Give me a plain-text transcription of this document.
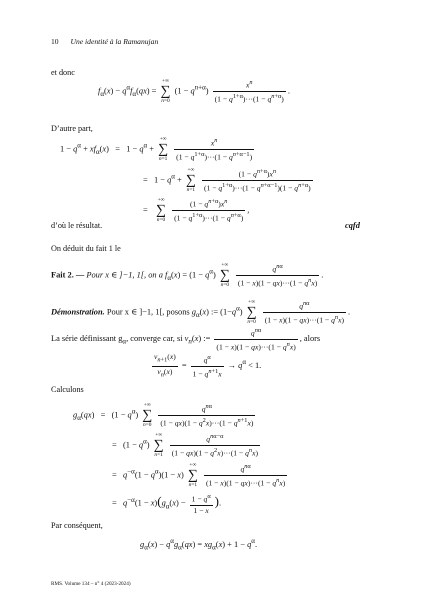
10 Une identité à la Ramanujan
et donc
$f_\alpha(x) - q^\alpha f_\alpha(qx)$ =
+∞
∑
n=0
$(1 - q^{n+\alpha}) \frac{x^n}{(1 - q^{1+\alpha})\cdot\cdot\cdot(1 - q^{n+\alpha})}$ .
D’autre part,
$1 - q^\alpha + xf_\alpha(x) = 1 - q^\alpha$ +
+∞
∑
n=1
$\frac{x^n}{(1 - q^{1+\alpha})\cdot\cdot\cdot(1 - q^{n+\alpha-1})}$
=   $1 - q^\alpha$ +
+∞
∑
n=1
$\frac{(1 - q^{n+\alpha})x^n}{(1 - q^{1+\alpha})\cdot\cdot\cdot(1 - q^{n+\alpha-1})(1 - q^{n+\alpha})}$
=
+∞
∑
n=0
$\frac{(1 - q^{n+\alpha})x^n}{(1 - q^{1+\alpha})\cdot\cdot\cdot(1 - q^{n+\alpha})}$ ,
d’où le résultat.	cqfd
On déduit du fait 1 le
Fait 2. — Pour x ∈ ]−1, 1[, on a $f_\alpha(x) = (1 - q^\alpha)$
+∞
∑
n=0
$\frac{q^{n\alpha}}{(1 - x)(1 - qx)\cdot\cdot\cdot(1 - q^nx)}$ .
Démonstration. Pour x ∈ ]−1, 1[, posons $g_\alpha(x)$ := $(1-q^\alpha)$
+∞
∑
n=0
$\frac{q^{n\alpha}}{(1 - x)(1 - qx)\cdot\cdot\cdot(1 - q^nx)}$ .
La série définissant $g_\alpha$, converge car, si $v_n(x)$ := $\frac{q^{n\alpha}}{(1 - x)(1 - qx)\cdot\cdot\cdot(1 - q^nx)}$ , alors
$\frac{v_{n+1}(x)}{v_n(x)} = \frac{q^\alpha}{1 - q^{n+1}x} \to q^\alpha < 1$.
Calculons
$g_\alpha(qx) = (1 - q^\alpha)$
+∞
∑
n=0
$\frac{q^{n\alpha}}{(1 - qx)(1 - q^2x)\cdot\cdot\cdot(1 - q^{n+1}x)}$
=   $(1 - q^\alpha)$
+∞
∑
n=1
$\frac{q^{n\alpha-\alpha}}{(1 - qx)(1 - q^2x)\cdot\cdot\cdot(1 - q^nx)}$
=   $q^{-\alpha}(1 - q^\alpha)(1 - x)$
+∞
∑
n=1
$\frac{q^{n\alpha}}{(1 - x)(1 - qx)\cdot\cdot\cdot(1 - q^nx)}$
=   $q^{-\alpha}(1 - x)(g_\alpha(x) - \frac{1 - q^\alpha}{1 - x}$ ).
Par conséquent,
$g_\alpha(x) - q^\alpha g_\alpha(qx) = xg_\alpha(x) + 1 - q^\alpha$.
RMS. Volume 134 – n° 4 (2023-2024)
